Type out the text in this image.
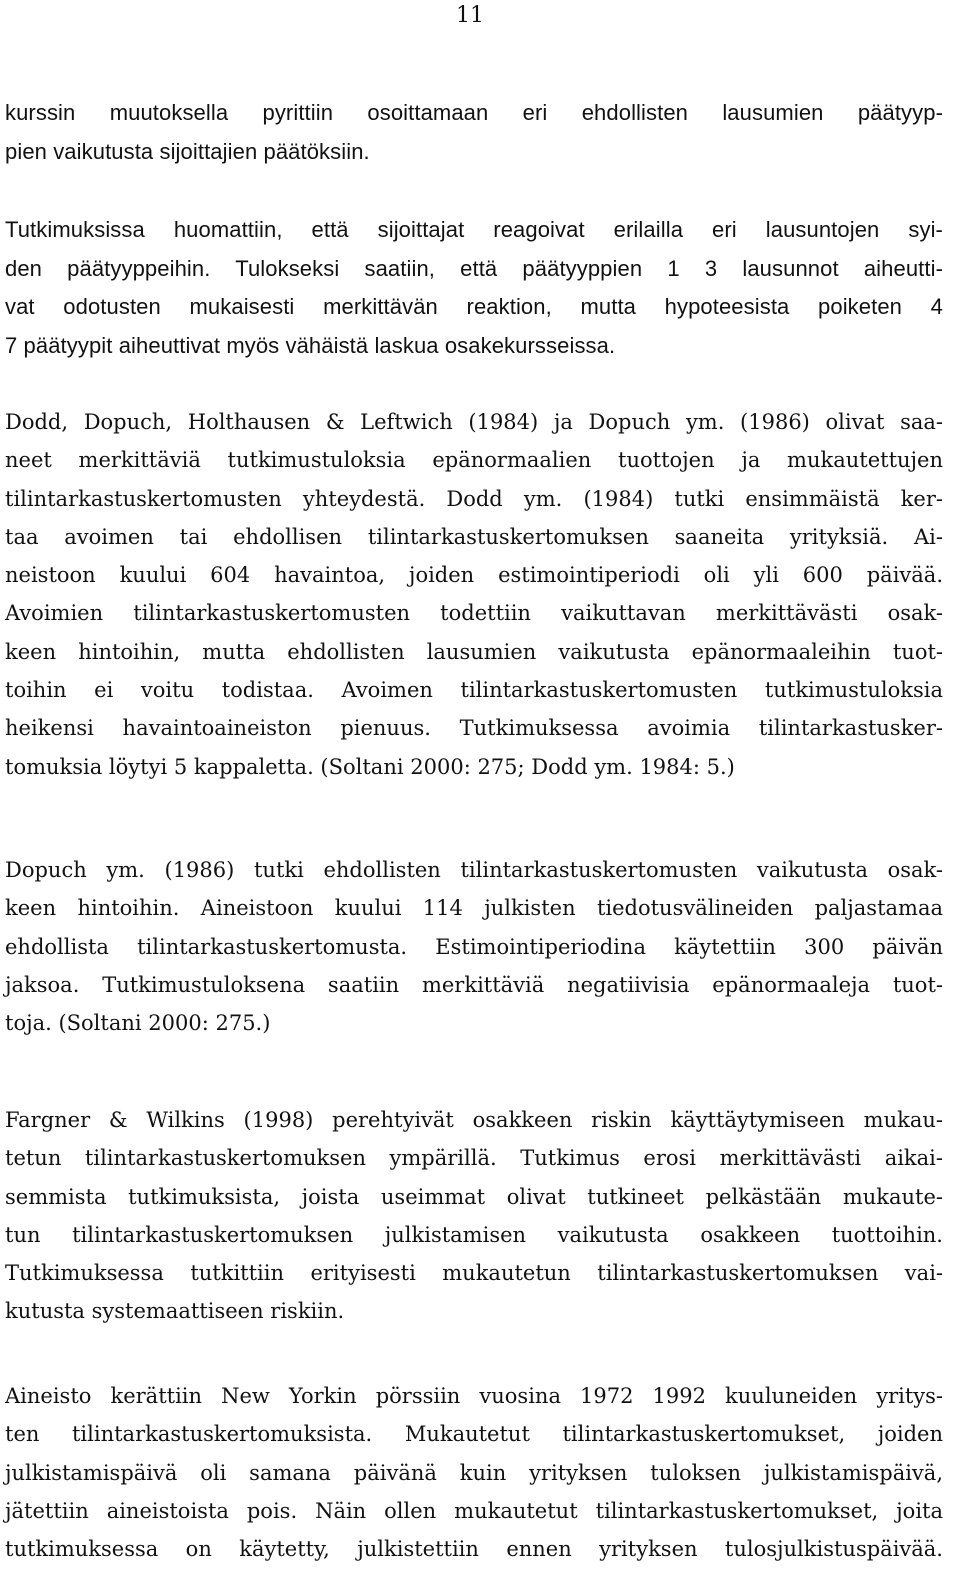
11

kurssin muutoksella pyrittiin osoittamaan eri ehdollisten lausumien päätyyp-
pien vaikutusta sijoittajien päätöksiin.

Tutkimuksissa huomattiin, että sijoittajat reagoivat erilailla eri lausuntojen syi-
den päätyyppeihin. Tulokseksi saatiin, että päätyyppien 1 3 lausunnot aiheutti-
vat odotusten mukaisesti merkittävän reaktion, mutta hypoteesista poiketen 4
7 päätyypit aiheuttivat myös vähäistä laskua osakekursseissa.

Dodd, Dopuch, Holthausen & Leftwich (1984) ja Dopuch ym. (1986) olivat saa-
neet merkittäviä tutkimustuloksia epänormaalien tuottojen ja mukautettujen
tilintarkastuskertomusten yhteydestä. Dodd ym. (1984) tutki ensimmäistä ker-
taa avoimen tai ehdollisen tilintarkastuskertomuksen saaneita yrityksiä. Ai-
neistoon kuului 604 havaintoa, joiden estimointiperiodi oli yli 600 päivää.
Avoimien tilintarkastuskertomusten todettiin vaikuttavan merkittävästi osak-
keen hintoihin, mutta ehdollisten lausumien vaikutusta epänormaaleihin tuot-
toihin ei voitu todistaa. Avoimen tilintarkastuskertomusten tutkimustuloksia
heikensi havaintoaineiston pienuus. Tutkimuksessa avoimia tilintarkastusker-
tomuksia löytyi 5 kappaletta. (Soltani 2000: 275; Dodd ym. 1984: 5.)

Dopuch ym. (1986) tutki ehdollisten tilintarkastuskertomusten vaikutusta osak-
keen hintoihin. Aineistoon kuului 114 julkisten tiedotusvälineiden paljastamaa
ehdollista tilintarkastuskertomusta. Estimointiperiodina käytettiin 300 päivän
jaksoa. Tutkimustuloksena saatiin merkittäviä negatiivisia epänormaaleja tuot-
toja. (Soltani 2000: 275.)

Fargner & Wilkins (1998) perehtyivät osakkeen riskin käyttäytymiseen mukau-
tetun tilintarkastuskertomuksen ympärillä. Tutkimus erosi merkittävästi aikai-
semmista tutkimuksista, joista useimmat olivat tutkineet pelkästään mukaute-
tun tilintarkastuskertomuksen julkistamisen vaikutusta osakkeen tuottoihin.
Tutkimuksessa tutkittiin erityisesti mukautetun tilintarkastuskertomuksen vai-
kutusta systemaattiseen riskiin.

Aineisto kerättiin New Yorkin pörssiin vuosina 1972 1992 kuuluneiden yritys-
ten tilintarkastuskertomuksista. Mukautetut tilintarkastuskertomukset, joiden
julkistamispäivä oli samana päivänä kuin yrityksen tuloksen julkistamispäivä,
jätettiin aineistoista pois. Näin ollen mukautetut tilintarkastuskertomukset, joita
tutkimuksessa on käytetty, julkistettiin ennen yrityksen tulosjulkistuspäivää.
